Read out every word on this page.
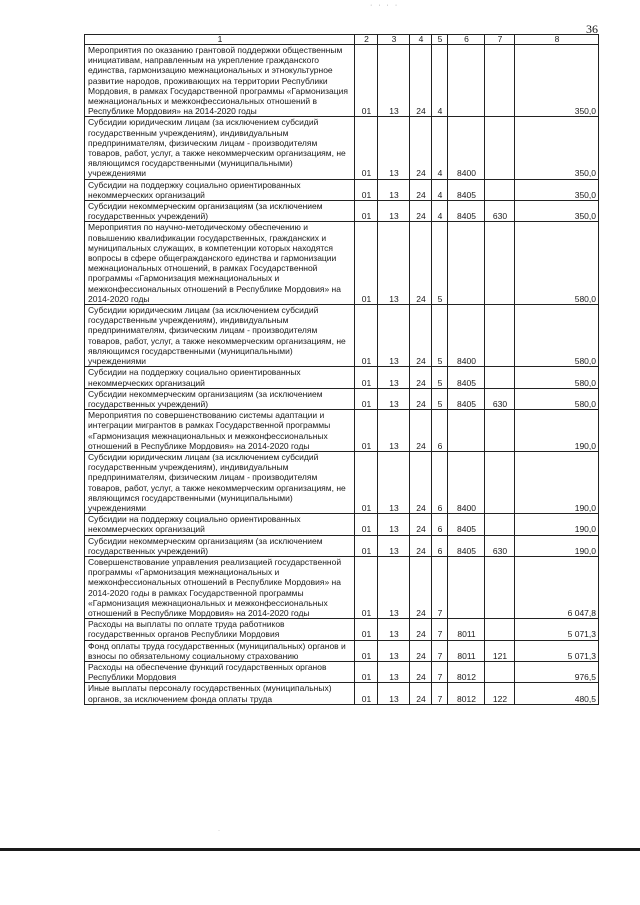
· · · ·
36
1	2	3	4	5	6	7	8
Мероприятия по оказанию грантовой поддержки общественным инициативам, направленным на укрепление гражданского единства, гармонизацию межнациональных и этнокультурное развитие народов, проживающих на территории Республики Мордовия, в рамках Государственной программы «Гармонизация межнациональных и межконфессиональных отношений в Республике Мордовия» на 2014-2020 годы	01	13	24	4			350,0
Субсидии юридическим лицам (за исключением субсидий государственным учреждениям), индивидуальным предпринимателям, физическим лицам - производителям товаров, работ, услуг, а также некоммерческим организациям, не являющимся государственными (муниципальными) учреждениями	01	13	24	4	8400		350,0
Субсидии на поддержку социально ориентированных некоммерческих организаций	01	13	24	4	8405		350,0
Субсидии некоммерческим организациям (за исключением государственных учреждений)	01	13	24	4	8405	630	350,0
Мероприятия по научно-методическому обеспечению и повышению квалификации государственных, гражданских и муниципальных служащих, в компетенции которых находятся вопросы в сфере общегражданского единства и гармонизации межнациональных отношений, в рамках Государственной программы «Гармонизация межнациональных и межконфессиональных отношений в Республике Мордовия» на 2014-2020 годы	01	13	24	5			580,0
Субсидии юридическим лицам (за исключением субсидий государственным учреждениям), индивидуальным предпринимателям, физическим лицам - производителям товаров, работ, услуг, а также некоммерческим организациям, не являющимся государственными (муниципальными) учреждениями	01	13	24	5	8400		580,0
Субсидии на поддержку социально ориентированных некоммерческих организаций	01	13	24	5	8405		580,0
Субсидии некоммерческим организациям (за исключением государственных учреждений)	01	13	24	5	8405	630	580,0
Мероприятия по совершенствованию системы адаптации и интеграции мигрантов в рамках Государственной программы «Гармонизация межнациональных и межконфессиональных отношений в Республике Мордовия» на 2014-2020 годы	01	13	24	6			190,0
Субсидии юридическим лицам (за исключением субсидий государственным учреждениям), индивидуальным предпринимателям, физическим лицам - производителям товаров, работ, услуг, а также некоммерческим организациям, не являющимся государственными (муниципальными) учреждениями	01	13	24	6	8400		190,0
Субсидии на поддержку социально ориентированных некоммерческих организаций	01	13	24	6	8405		190,0
Субсидии некоммерческим организациям (за исключением государственных учреждений)	01	13	24	6	8405	630	190,0
Совершенствование управления реализацией государственной программы «Гармонизация межнациональных и межконфессиональных отношений в Республике Мордовия» на 2014-2020 годы в рамках Государственной программы «Гармонизация межнациональных и межконфессиональных отношений в Республике Мордовия» на 2014-2020 годы	01	13	24	7			6 047,8
Расходы на выплаты по оплате труда работников государственных органов Республики Мордовия	01	13	24	7	8011		5 071,3
Фонд оплаты труда государственных (муниципальных) органов и взносы по обязательному социальному страхованию	01	13	24	7	8011	121	5 071,3
Расходы на обеспечение функций государственных органов Республики Мордовия	01	13	24	7	8012		976,5
Иные выплаты персоналу государственных (муниципальных) органов, за исключением фонда оплаты труда	01	13	24	7	8012	122	480,5
·
